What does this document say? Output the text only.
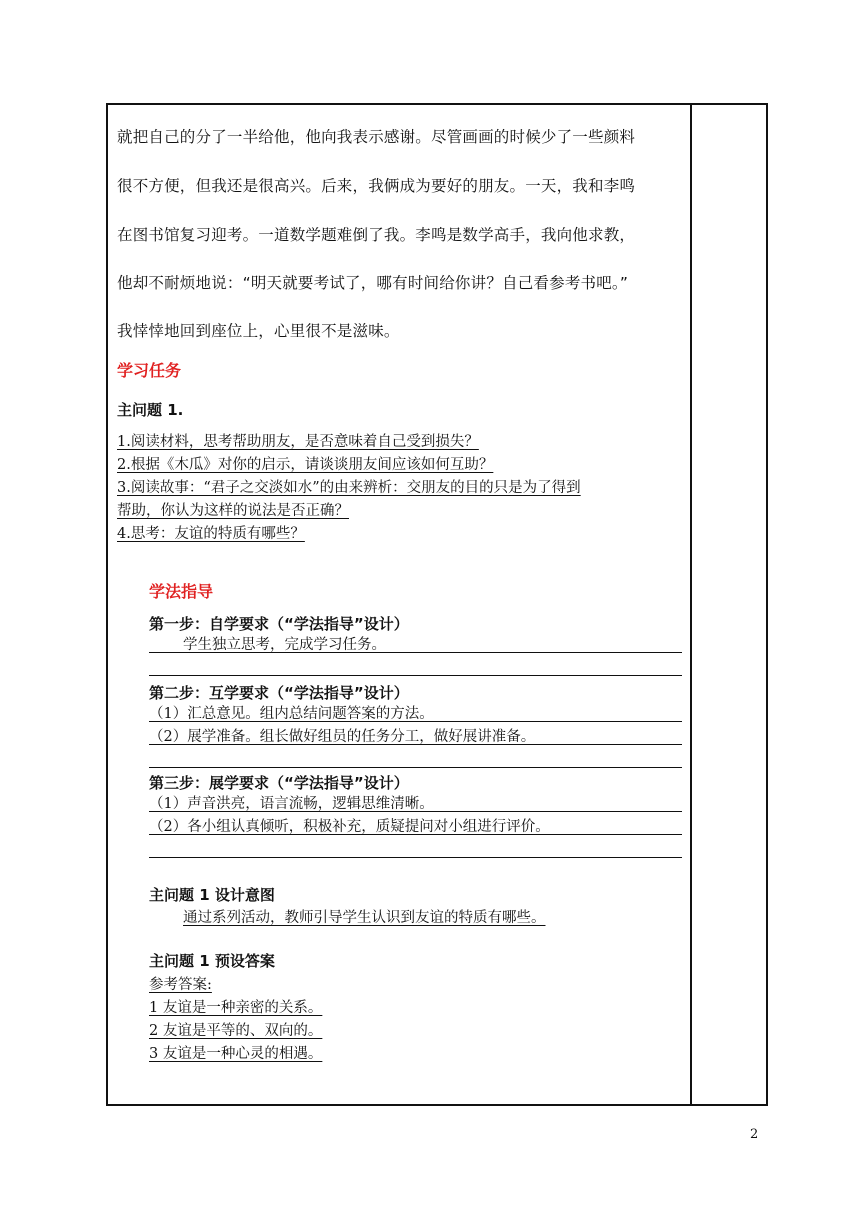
就把自己的分了一半给他，他向我表示感谢。尽管画画的时候少了一些颜料
很不方便，但我还是很高兴。后来，我俩成为要好的朋友。一天，我和李鸣
在图书馆复习迎考。一道数学题难倒了我。李鸣是数学高手，我向他求教，
他却不耐烦地说：“明天就要考试了，哪有时间给你讲？自己看参考书吧。”
我悻悻地回到座位上，心里很不是滋味。
学习任务
主问题 1.
1.阅读材料，思考帮助朋友，是否意味着自己受到损失？
2.根据《木瓜》对你的启示，请谈谈朋友间应该如何互助？
3.阅读故事：“君子之交淡如水”的由来辨析：交朋友的目的只是为了得到
帮助，你认为这样的说法是否正确？
4.思考：友谊的特质有哪些？
学法指导
第一步：自学要求（“学法指导”设计）
学生独立思考，完成学习任务。
第二步：互学要求（“学法指导”设计）
（1）汇总意见。组内总结问题答案的方法。
（2）展学准备。组长做好组员的任务分工，做好展讲准备。
第三步：展学要求（“学法指导”设计）
（1）声音洪亮，语言流畅，逻辑思维清晰。
（2）各小组认真倾听，积极补充，质疑提问对小组进行评价。
主问题 1 设计意图
通过系列活动，教师引导学生认识到友谊的特质有哪些。
主问题 1 预设答案
参考答案:
1 友谊是一种亲密的关系。
2 友谊是平等的、双向的。
3 友谊是一种心灵的相遇。
2
